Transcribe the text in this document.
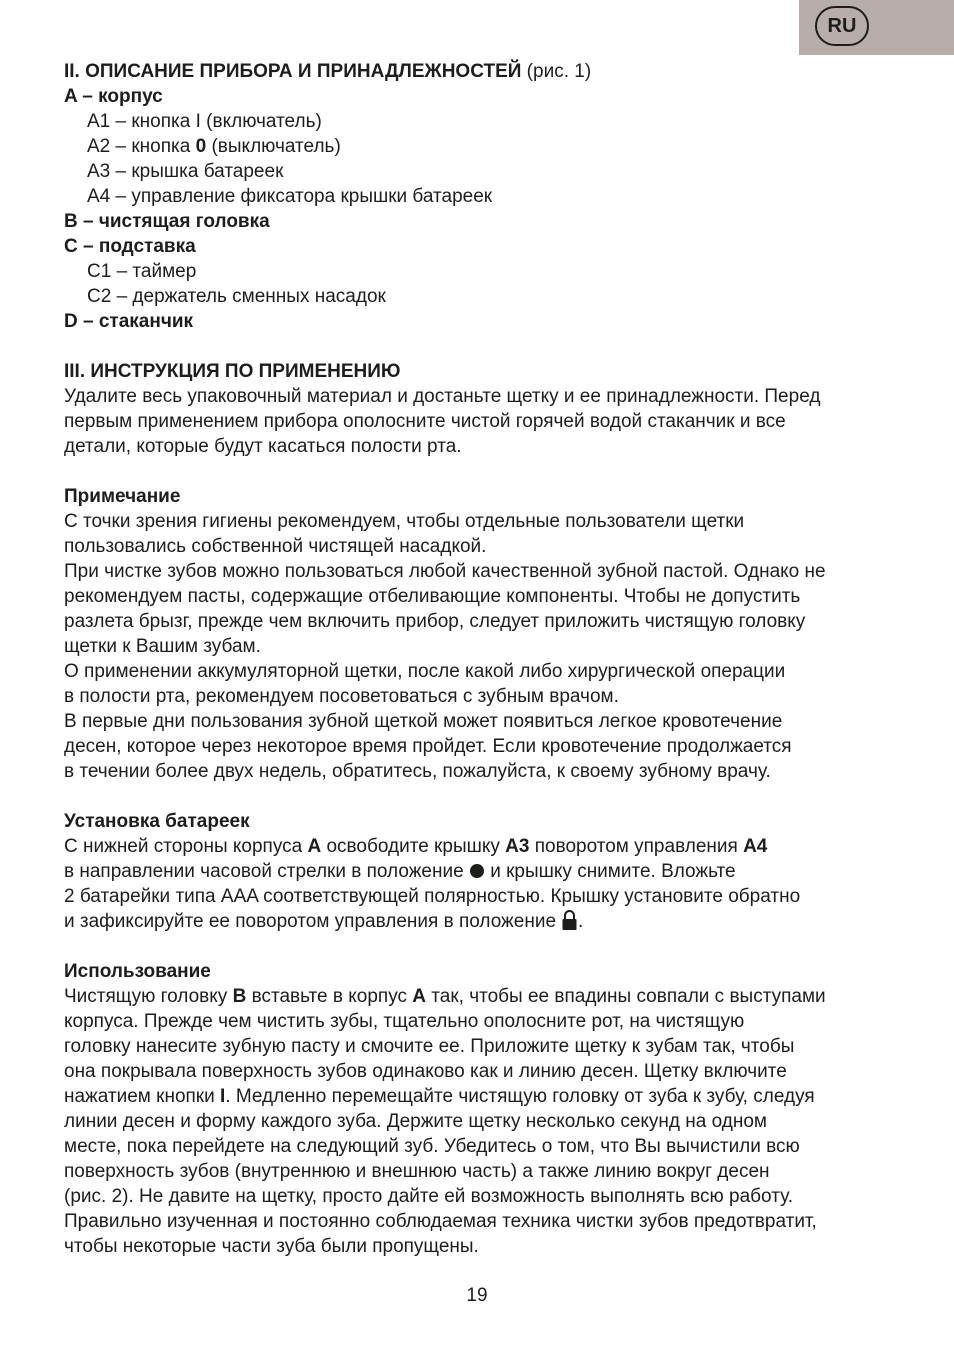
RU
II. ОПИСАНИЕ ПРИБОРА И ПРИНАДЛЕЖНОСТЕЙ (рис. 1)
A – корпус
A1 – кнопка I (включатель)
A2 – кнопка 0 (выключатель)
A3 – крышка батареек
A4 – управление фиксатора крышки батареек
B – чистящая головка
C – подставка
C1 – таймер
C2 – держатель сменных насадок
D – стаканчик
III. ИНСТРУКЦИЯ ПО ПРИМЕНЕНИЮ
Удалите весь упаковочный материал и достаньте щетку и ее принадлежности. Перед
первым применением прибора ополосните чистой горячей водой стаканчик и все
детали, которые будут касаться полости рта.
Примечание
С точки зрения гигиены рекомендуем, чтобы отдельные пользователи щетки
пользовались собственной чистящей насадкой.
При чистке зубов можно пользоваться любой качественной зубной пастой. Однако не
рекомендуем пасты, содержащие отбеливающие компоненты. Чтобы не допустить
разлета брызг, прежде чем включить прибор, следует приложить чистящую головку
щетки к Вашим зубам.
О применении аккумуляторной щетки, после какой либо хирургической операции
в полости рта, рекомендуем посоветоваться с зубным врачом.
В первые дни пользования зубной щеткой может появиться легкое кровотечение
десен, которое через некоторое время пройдет. Если кровотечение продолжается
в течении более двух недель, обратитесь, пожалуйста, к своему зубному врачу.
Установка батареек
С нижней стороны корпуса A освободите крышку A3 поворотом управления A4
в направлении часовой стрелки в положение  и крышку снимите. Вложьте
2 батарейки типа AAA соответствующей полярностью. Крышку установите обратно
и зафиксируйте ее поворотом управления в положение .
Использование
Чистящую головку B вставьте в корпус A так, чтобы ее впадины совпали с выступами
корпуса. Прежде чем чистить зубы, тщательно ополосните рот, на чистящую
головку нанесите зубную пасту и смочите ее. Приложите щетку к зубам так, чтобы
она покрывала поверхность зубов одинаково как и линию десен. Щетку включите
нажатием кнопки I. Медленно перемещайте чистящую головку от зуба к зубу, следуя
линии десен и форму каждого зуба. Держите щетку несколько секунд на одном
месте, пока перейдете на следующий зуб. Убедитесь о том, что Вы вычистили всю
поверхность зубов (внутреннюю и внешнюю часть) а также линию вокруг десен
(рис. 2). Не давите на щетку, просто дайте ей возможность выполнять всю работу.
Правильно изученная и постоянно соблюдаемая техника чистки зубов предотвратит,
чтобы некоторые части зуба были пропущены.
19
